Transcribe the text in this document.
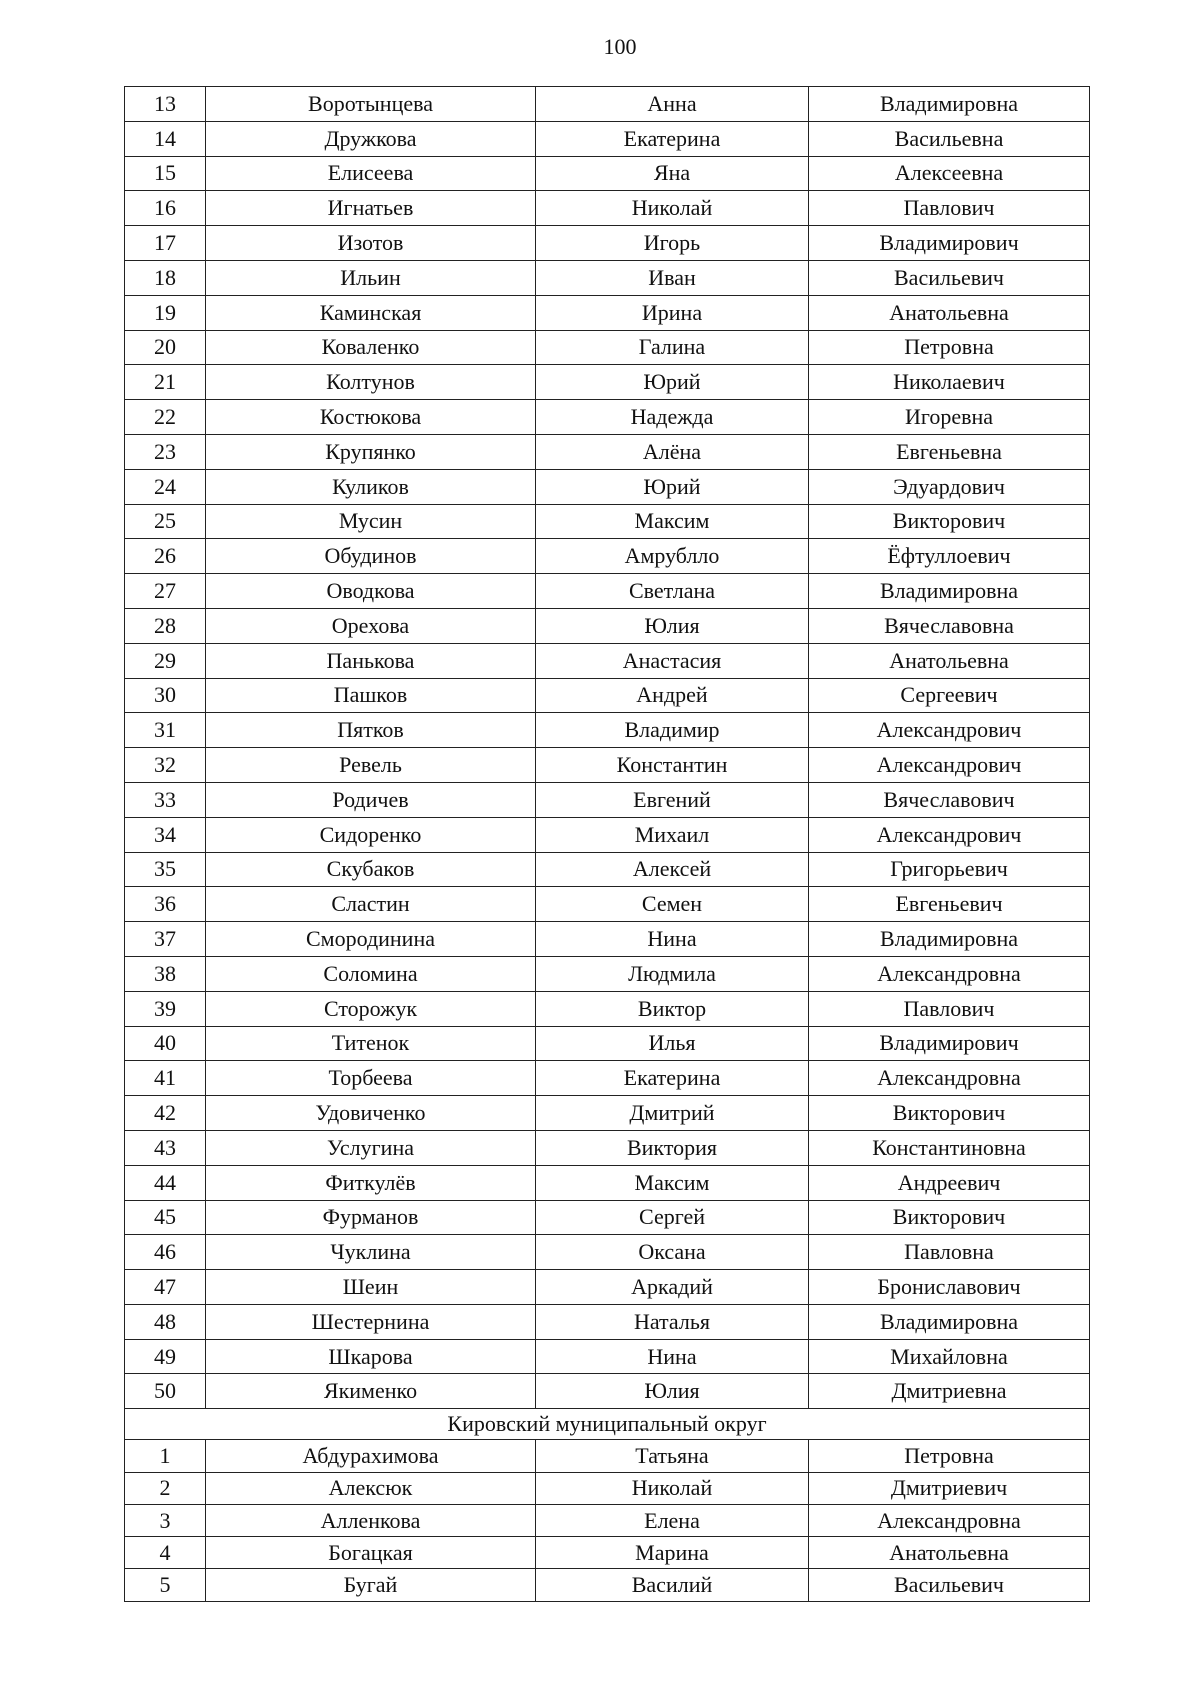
100
13	Воротынцева	Анна	Владимировна
14	Дружкова	Екатерина	Васильевна
15	Елисеева	Яна	Алексеевна
16	Игнатьев	Николай	Павлович
17	Изотов	Игорь	Владимирович
18	Ильин	Иван	Васильевич
19	Каминская	Ирина	Анатольевна
20	Коваленко	Галина	Петровна
21	Колтунов	Юрий	Николаевич
22	Костюкова	Надежда	Игоревна
23	Крупянко	Алёна	Евгеньевна
24	Куликов	Юрий	Эдуардович
25	Мусин	Максим	Викторович
26	Обудинов	Амрублло	Ёфтуллоевич
27	Оводкова	Светлана	Владимировна
28	Орехова	Юлия	Вячеславовна
29	Панькова	Анастасия	Анатольевна
30	Пашков	Андрей	Сергеевич
31	Пятков	Владимир	Александрович
32	Ревель	Константин	Александрович
33	Родичев	Евгений	Вячеславович
34	Сидоренко	Михаил	Александрович
35	Скубаков	Алексей	Григорьевич
36	Сластин	Семен	Евгеньевич
37	Смородинина	Нина	Владимировна
38	Соломина	Людмила	Александровна
39	Сторожук	Виктор	Павлович
40	Титенок	Илья	Владимирович
41	Торбеева	Екатерина	Александровна
42	Удовиченко	Дмитрий	Викторович
43	Услугина	Виктория	Константиновна
44	Фиткулёв	Максим	Андреевич
45	Фурманов	Сергей	Викторович
46	Чуклина	Оксана	Павловна
47	Шеин	Аркадий	Брониславович
48	Шестернина	Наталья	Владимировна
49	Шкарова	Нина	Михайловна
50	Якименко	Юлия	Дмитриевна
Кировский муниципальный округ			
1	Абдурахимова	Татьяна	Петровна
2	Алексюк	Николай	Дмитриевич
3	Алленкова	Елена	Александровна
4	Богацкая	Марина	Анатольевна
5	Бугай	Василий	Васильевич
